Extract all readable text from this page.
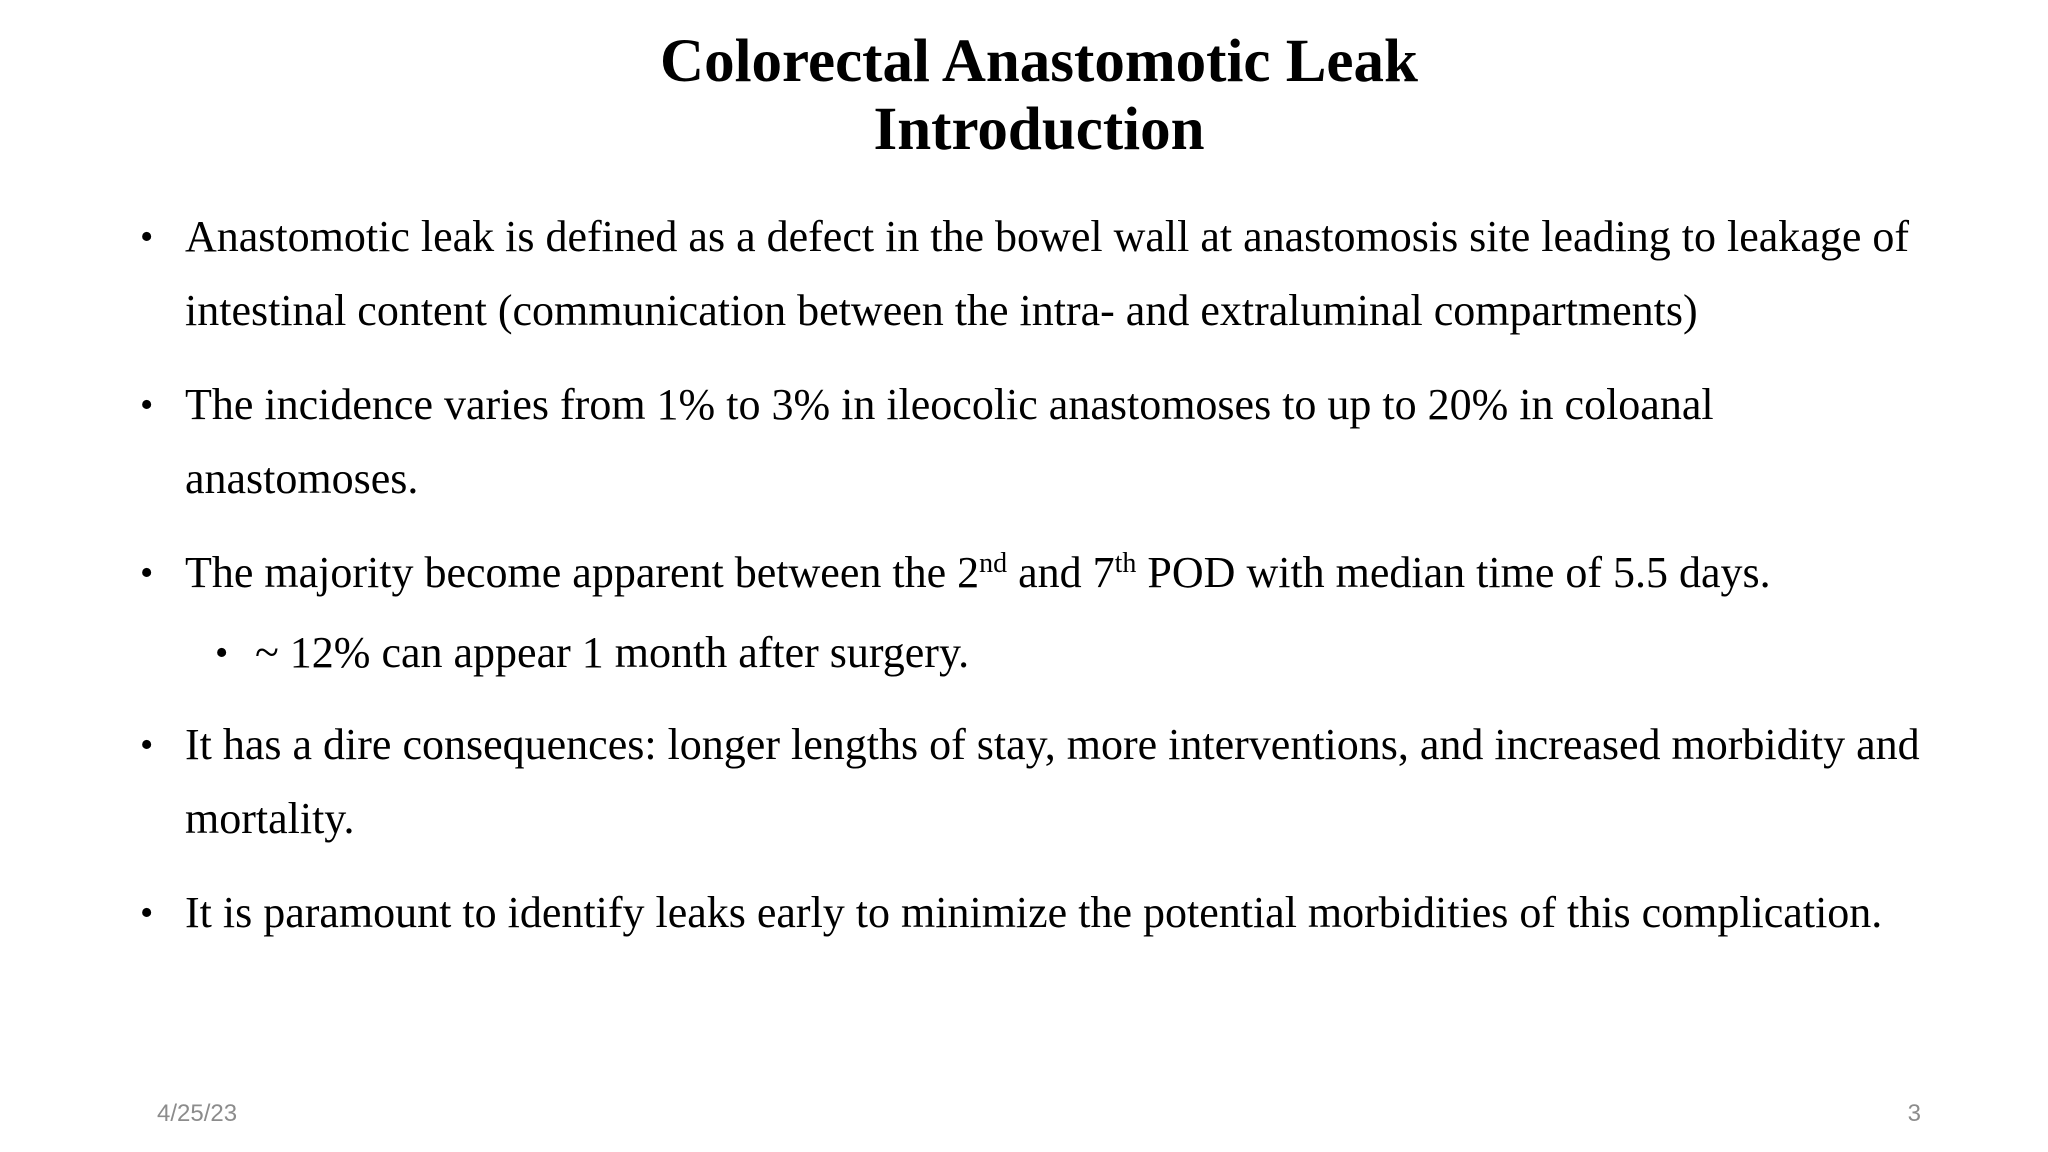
Colorectal Anastomotic Leak
Introduction
• Anastomotic leak is defined as a defect in the bowel wall at anastomosis site leading to leakage of intestinal content (communication between the intra- and extraluminal compartments)
• The incidence varies from 1% to 3% in ileocolic anastomoses to up to 20% in coloanal anastomoses.
• The majority become apparent between the 2nd and 7th POD with median time of 5.5 days.
• ~ 12% can appear 1 month after surgery.
• It has a dire consequences: longer lengths of stay, more interventions, and increased morbidity and mortality.
• It is paramount to identify leaks early to minimize the potential morbidities of this complication.
4/25/23	3
